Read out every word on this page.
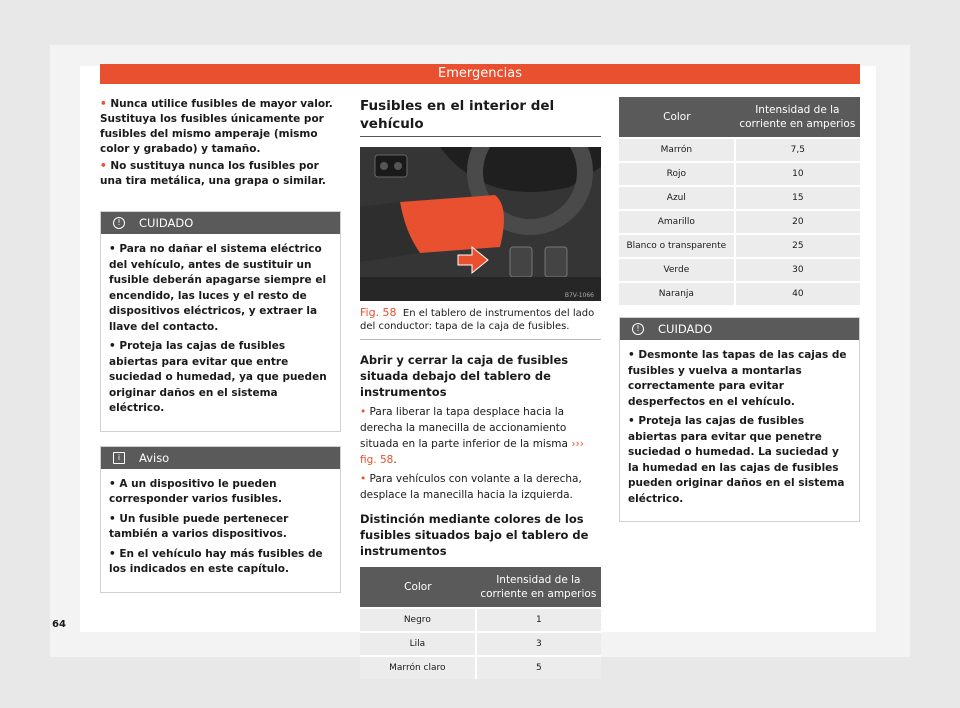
Emergencias
• Nunca utilice fusibles de mayor valor. Sustituya los fusibles únicamente por fusibles del mismo amperaje (mismo color y grabado) y tamaño.
• No sustituya nunca los fusibles por una tira metálica, una grapa o similar.
!	CUIDADO
• Para no dañar el sistema eléctrico del vehículo, antes de sustituir un fusible deberán apagarse siempre el encendido, las luces y el resto de dispositivos eléctricos, y extraer la llave del contacto.
• Proteja las cajas de fusibles abiertas para evitar que entre suciedad o humedad, ya que pueden originar daños en el sistema eléctrico.
i	Aviso
• A un dispositivo le pueden corresponder varios fusibles.
• Un fusible puede pertenecer también a varios dispositivos.
• En el vehículo hay más fusibles de los indicados en este capítulo.
Fusibles en el interior del vehículo
B7V-1066
Fig. 58 En el tablero de instrumentos del lado del conductor: tapa de la caja de fusibles.
Abrir y cerrar la caja de fusibles situada debajo del tablero de instrumentos
• Para liberar la tapa desplace hacia la derecha la manecilla de accionamiento situada en la parte inferior de la misma ››› fig. 58.
• Para vehículos con volante a la derecha, desplace la manecilla hacia la izquierda.
Distinción mediante colores de los fusibles situados bajo el tablero de instrumentos
Color	Intensidad de la corriente en amperios
Negro	1
Lila	3
Marrón claro	5
Color	Intensidad de la corriente en amperios
Marrón	7,5
Rojo	10
Azul	15
Amarillo	20
Blanco o transparente	25
Verde	30
Naranja	40
!	CUIDADO
• Desmonte las tapas de las cajas de fusibles y vuelva a montarlas correctamente para evitar desperfectos en el vehículo.
• Proteja las cajas de fusibles abiertas para evitar que penetre suciedad o humedad. La suciedad y la humedad en las cajas de fusibles pueden originar daños en el sistema eléctrico.
64
